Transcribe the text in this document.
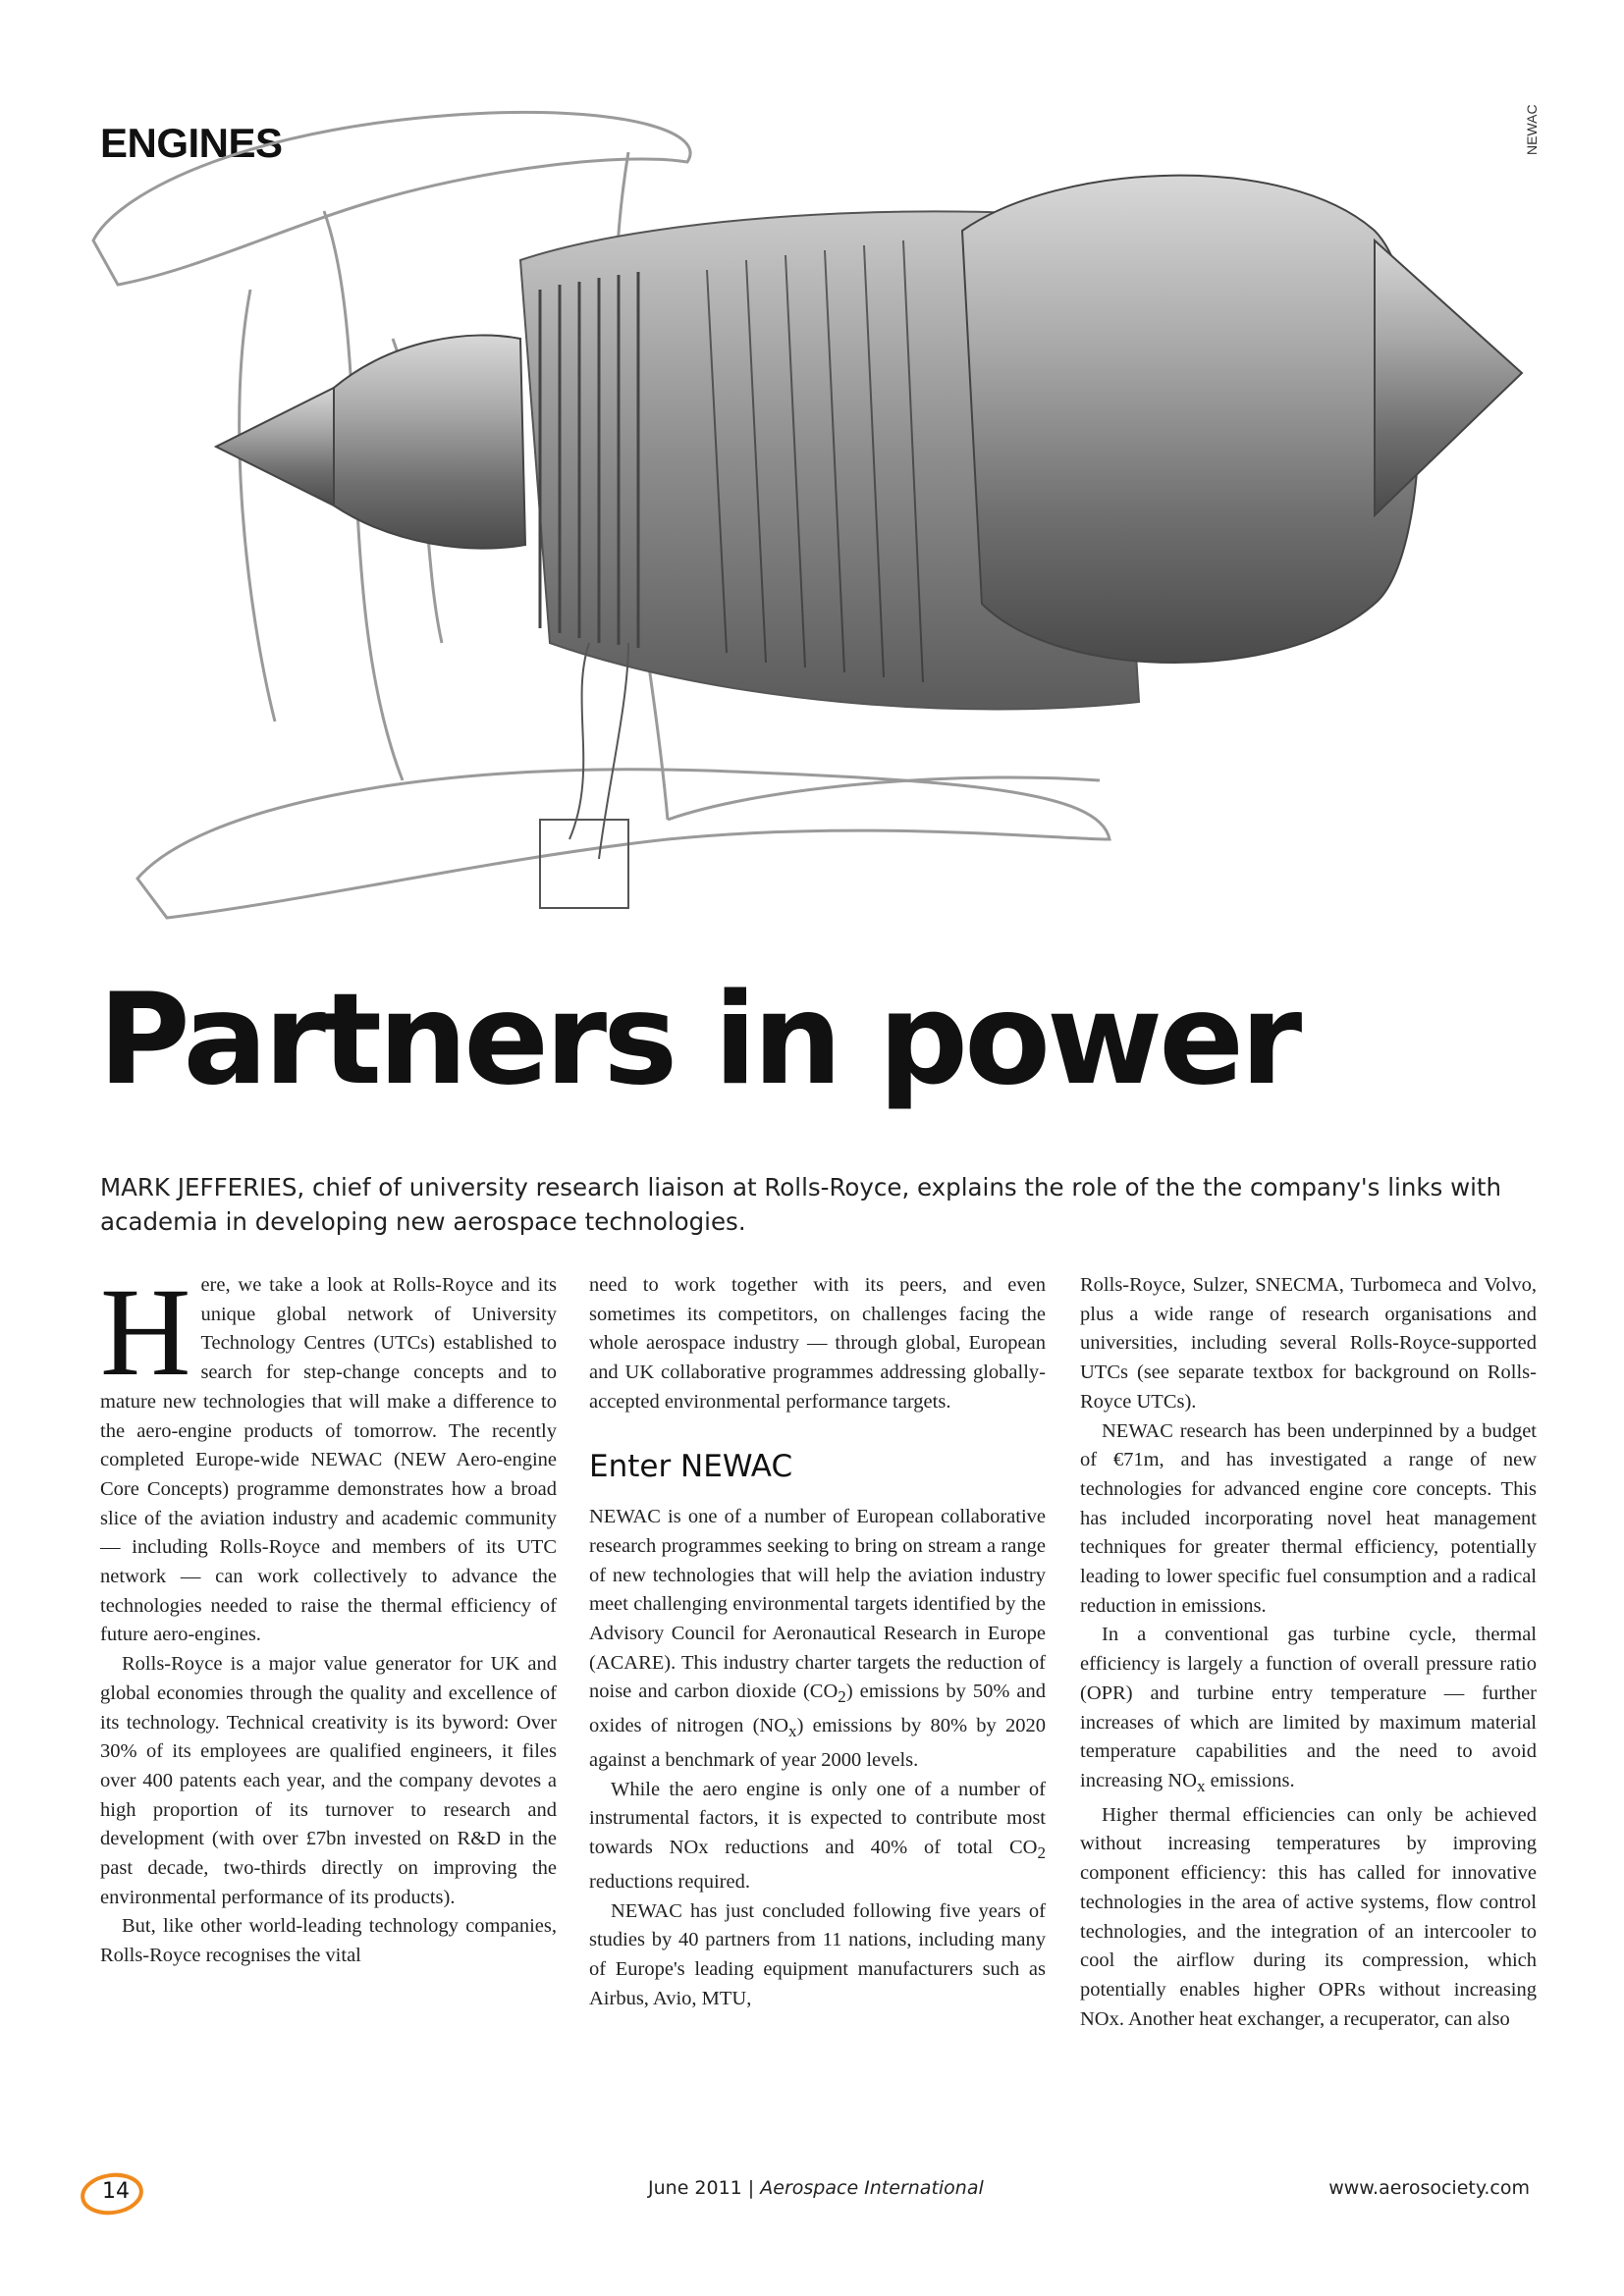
ENGINES	NEWAC
Partners in power
MARK JEFFERIES, chief of university research liaison at Rolls-Royce, explains the role of the the company's links with academia in developing new aerospace technologies.

Here, we take a look at Rolls-Royce and its unique global network of University Technology Centres (UTCs) established to search for step-change concepts and to mature new technologies that will make a difference to the aero-engine products of tomorrow. The recently completed Europe-wide NEWAC (NEW Aero-engine Core Concepts) programme demonstrates how a broad slice of the aviation industry and academic community — including Rolls-Royce and members of its UTC network — can work collectively to advance the technologies needed to raise the thermal efficiency of future aero-engines.

Rolls-Royce is a major value generator for UK and global economies through the quality and excellence of its technology. Technical creativity is its byword: Over 30% of its employees are qualified engineers, it files over 400 patents each year, and the company devotes a high proportion of its turnover to research and development (with over £7bn invested on R&D in the past decade, two-thirds directly on improving the environmental performance of its products).

But, like other world-leading technology companies, Rolls-Royce recognises the vital

need to work together with its peers, and even sometimes its competitors, on challenges facing the whole aerospace industry — through global, European and UK collaborative programmes addressing globally-accepted environmental performance targets.

Enter NEWAC

NEWAC is one of a number of European collaborative research programmes seeking to bring on stream a range of new technologies that will help the aviation industry meet challenging environmental targets identified by the Advisory Council for Aeronautical Research in Europe (ACARE). This industry charter targets the reduction of noise and carbon dioxide $(CO_2)$ emissions by 50% and oxides of nitrogen $(NO_x)$ emissions by 80% by 2020 against a benchmark of year 2000 levels.

While the aero engine is only one of a number of instrumental factors, it is expected to contribute most towards NOx reductions and 40% of total $CO_2$ reductions required.

NEWAC has just concluded following five years of studies by 40 partners from 11 nations, including many of Europe's leading equipment manufacturers such as Airbus, Avio, MTU,

Rolls-Royce, Sulzer, SNECMA, Turbomeca and Volvo, plus a wide range of research organisations and universities, including several Rolls-Royce-supported UTCs (see separate textbox for background on Rolls-Royce UTCs).

NEWAC research has been underpinned by a budget of €71m, and has investigated a range of new technologies for advanced engine core concepts. This has included incorporating novel heat management techniques for greater thermal efficiency, potentially leading to lower specific fuel consumption and a radical reduction in emissions.

In a conventional gas turbine cycle, thermal efficiency is largely a function of overall pressure ratio (OPR) and turbine entry temperature — further increases of which are limited by maximum material temperature capabilities and the need to avoid increasing $NO_x$ emissions.

Higher thermal efficiencies can only be achieved without increasing temperatures by improving component efficiency: this has called for innovative technologies in the area of active systems, flow control technologies, and the integration of an intercooler to cool the airflow during its compression, which potentially enables higher OPRs without increasing NOx. Another heat exchanger, a recuperator, can also

14	June 2011 | Aerospace International	www.aerosociety.com
